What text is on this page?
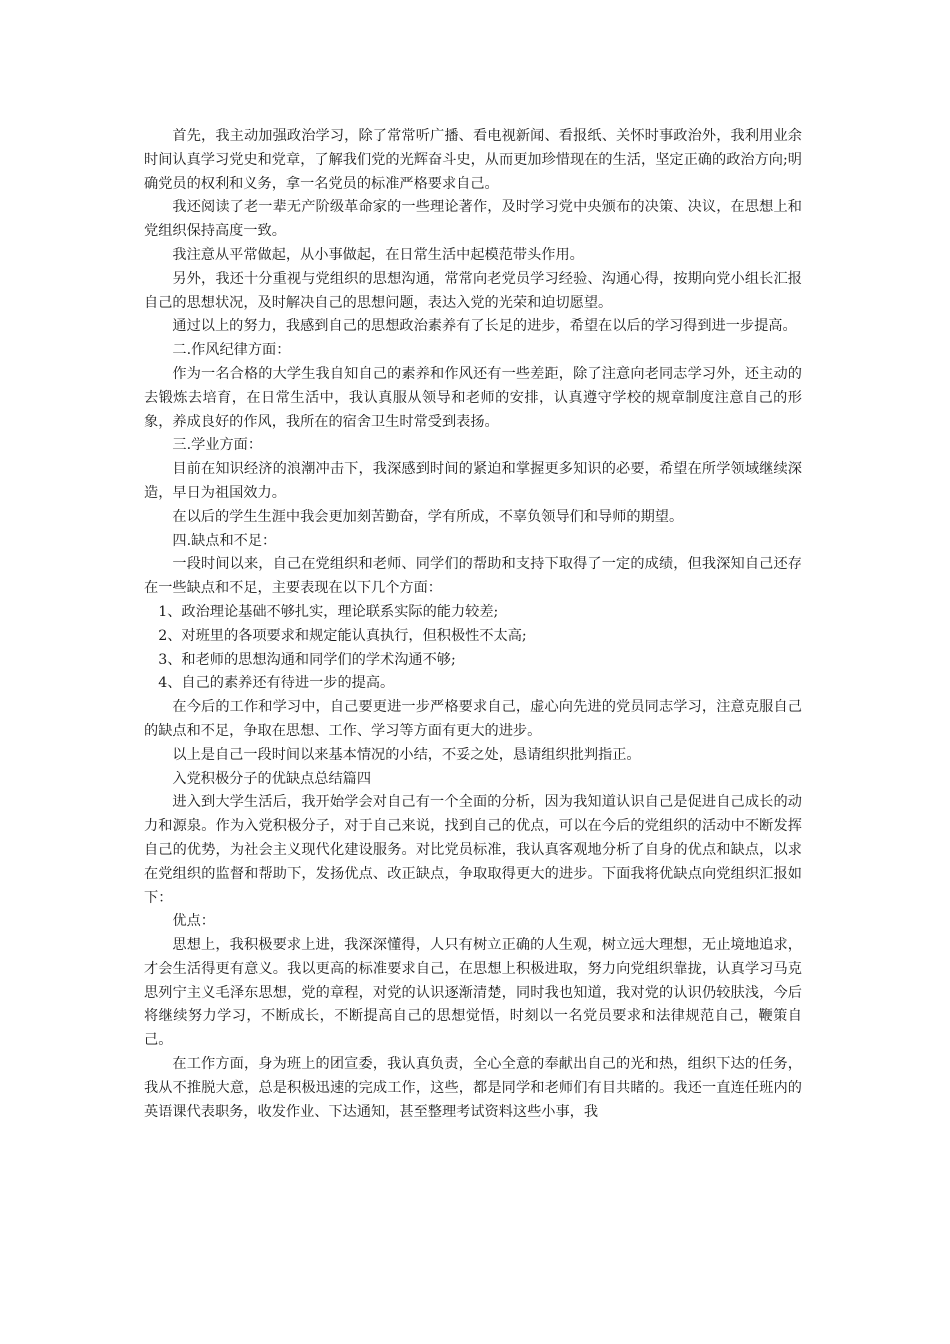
首先，我主动加强政治学习，除了常常听广播、看电视新闻、看报纸、关怀时事政治外，我利用业余时间认真学习党史和党章，了解我们党的光辉奋斗史，从而更加珍惜现在的生活，坚定正确的政治方向;明确党员的权利和义务，拿一名党员的标准严格要求自己。

我还阅读了老一辈无产阶级革命家的一些理论著作，及时学习党中央颁布的决策、决议，在思想上和党组织保持高度一致。

我注意从平常做起，从小事做起，在日常生活中起模范带头作用。

另外，我还十分重视与党组织的思想沟通，常常向老党员学习经验、沟通心得，按期向党小组长汇报自己的思想状况，及时解决自己的思想问题，表达入党的光荣和迫切愿望。

通过以上的努力，我感到自己的思想政治素养有了长足的进步，希望在以后的学习得到进一步提高。

二.作风纪律方面：

作为一名合格的大学生我自知自己的素养和作风还有一些差距，除了注意向老同志学习外，还主动的去锻炼去培育，在日常生活中，我认真服从领导和老师的安排，认真遵守学校的规章制度注意自己的形象，养成良好的作风，我所在的宿舍卫生时常受到表扬。

三.学业方面：

目前在知识经济的浪潮冲击下，我深感到时间的紧迫和掌握更多知识的必要，希望在所学领域继续深造，早日为祖国效力。

在以后的学生生涯中我会更加刻苦勤奋，学有所成，不辜负领导们和导师的期望。

四.缺点和不足：

一段时间以来，自己在党组织和老师、同学们的帮助和支持下取得了一定的成绩，但我深知自己还存在一些缺点和不足，主要表现在以下几个方面：

1、政治理论基础不够扎实，理论联系实际的能力较差;

2、对班里的各项要求和规定能认真执行，但积极性不太高;

3、和老师的思想沟通和同学们的学术沟通不够;

4、自己的素养还有待进一步的提高。

在今后的工作和学习中，自己要更进一步严格要求自己，虚心向先进的党员同志学习，注意克服自己的缺点和不足，争取在思想、工作、学习等方面有更大的进步。

以上是自己一段时间以来基本情况的小结，不妥之处，恳请组织批判指正。

入党积极分子的优缺点总结篇四

进入到大学生活后，我开始学会对自己有一个全面的分析，因为我知道认识自己是促进自己成长的动力和源泉。作为入党积极分子，对于自己来说，找到自己的优点，可以在今后的党组织的活动中不断发挥自己的优势，为社会主义现代化建设服务。对比党员标准，我认真客观地分析了自身的优点和缺点，以求在党组织的监督和帮助下，发扬优点、改正缺点，争取取得更大的进步。下面我将优缺点向党组织汇报如下：

优点：

思想上，我积极要求上进，我深深懂得，人只有树立正确的人生观，树立远大理想，无止境地追求，才会生活得更有意义。我以更高的标准要求自己，在思想上积极进取，努力向党组织靠拢，认真学习马克思列宁主义毛泽东思想，党的章程，对党的认识逐渐清楚，同时我也知道，我对党的认识仍较肤浅，今后将继续努力学习，不断成长，不断提高自己的思想觉悟，时刻以一名党员要求和法律规范自己，鞭策自己。

在工作方面，身为班上的团宣委，我认真负责，全心全意的奉献出自己的光和热，组织下达的任务，我从不推脱大意，总是积极迅速的完成工作，这些，都是同学和老师们有目共睹的。我还一直连任班内的英语课代表职务，收发作业、下达通知，甚至整理考试资料这些小事，我
